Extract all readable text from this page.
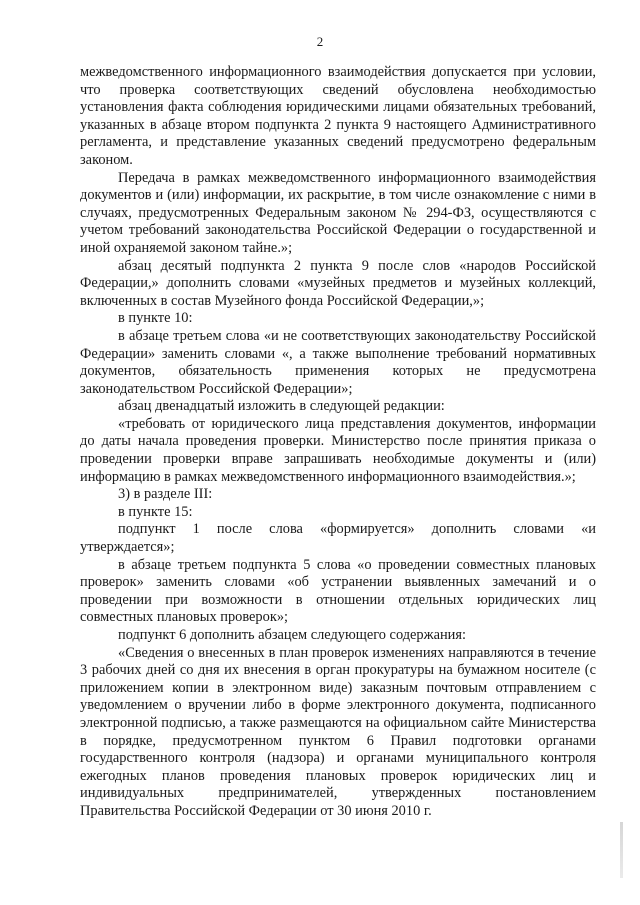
2

межведомственного информационного взаимодействия допускается при условии, что проверка соответствующих сведений обусловлена необходимостью установления факта соблюдения юридическими лицами обязательных требований, указанных в абзаце втором подпункта 2 пункта 9 настоящего Административного регламента, и представление указанных сведений предусмотрено федеральным законом.

Передача в рамках межведомственного информационного взаимодействия документов и (или) информации, их раскрытие, в том числе ознакомление с ними в случаях, предусмотренных Федеральным законом № 294-ФЗ, осуществляются с учетом требований законодательства Российской Федерации о государственной и иной охраняемой законом тайне.»;

абзац десятый подпункта 2 пункта 9 после слов «народов Российской Федерации,» дополнить словами «музейных предметов и музейных коллекций, включенных в состав Музейного фонда Российской Федерации,»;

в пункте 10:

в абзаце третьем слова «и не соответствующих законодательству Российской Федерации» заменить словами «, а также выполнение требований нормативных документов, обязательность применения которых не предусмотрена законодательством Российской Федерации»;

абзац двенадцатый изложить в следующей редакции:

«требовать от юридического лица представления документов, информации до даты начала проведения проверки. Министерство после принятия приказа о проведении проверки вправе запрашивать необходимые документы и (или) информацию в рамках межведомственного информационного взаимодействия.»;

3) в разделе III:

в пункте 15:

подпункт 1 после слова «формируется» дополнить словами «и утверждается»;

в абзаце третьем подпункта 5 слова «о проведении совместных плановых проверок» заменить словами «об устранении выявленных замечаний и о проведении при возможности в отношении отдельных юридических лиц совместных плановых проверок»;

подпункт 6 дополнить абзацем следующего содержания:

«Сведения о внесенных в план проверок изменениях направляются в течение 3 рабочих дней со дня их внесения в орган прокуратуры на бумажном носителе (с приложением копии в электронном виде) заказным почтовым отправлением с уведомлением о вручении либо в форме электронного документа, подписанного электронной подписью, а также размещаются на официальном сайте Министерства в порядке, предусмотренном пунктом 6 Правил подготовки органами государственного контроля (надзора) и органами муниципального контроля ежегодных планов проведения плановых проверок юридических лиц и индивидуальных предпринимателей, утвержденных постановлением Правительства Российской Федерации от 30 июня 2010 г.
